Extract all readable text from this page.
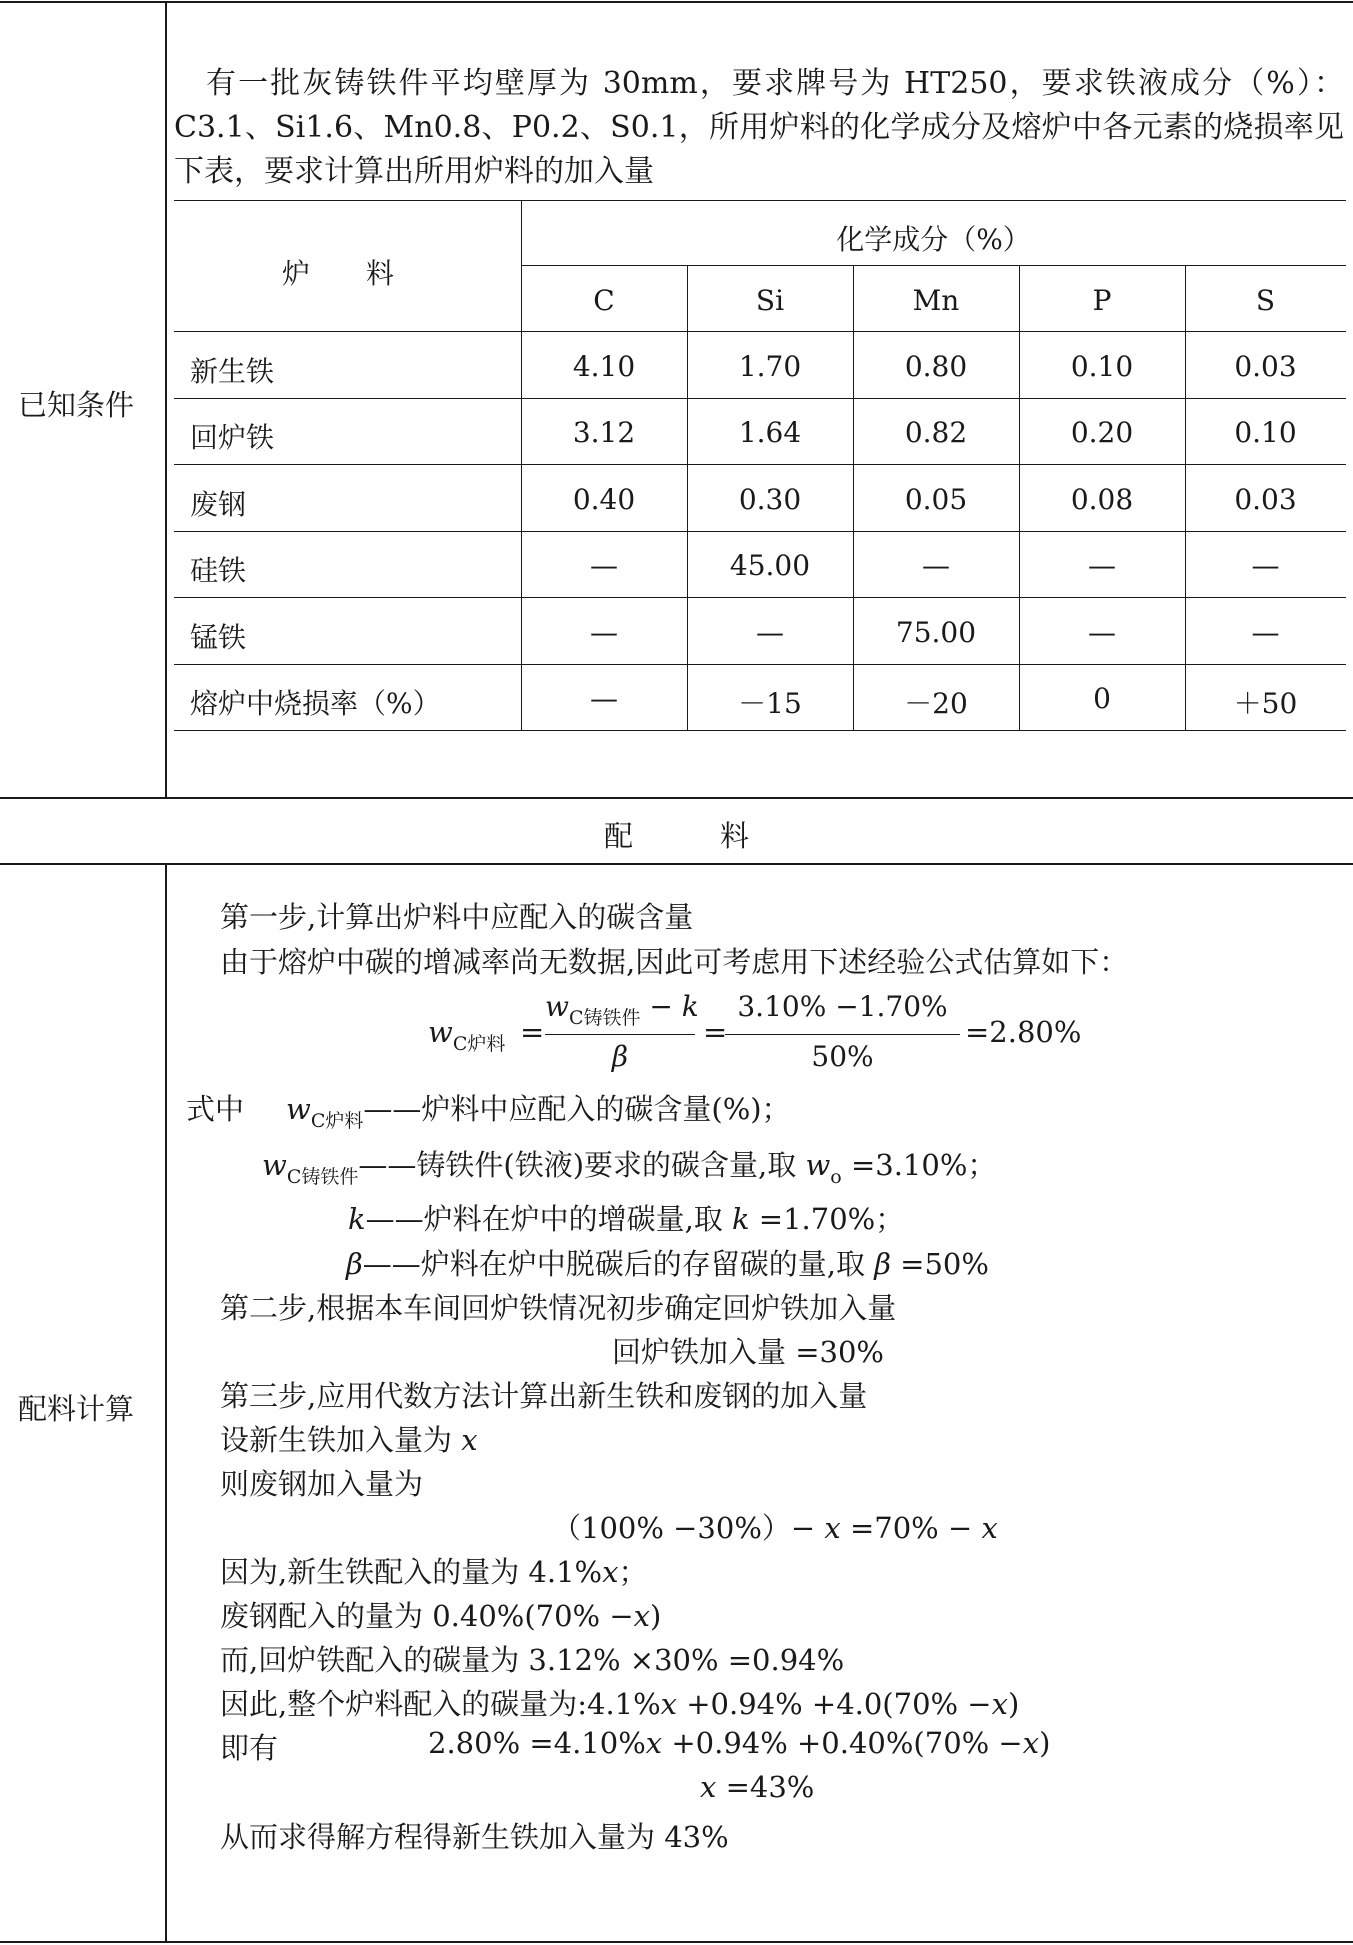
已知条件
有一批灰铸铁件平均壁厚为 30mm，要求牌号为 HT250，要求铁液成分（%）：C3.1、Si1.6、Mn0.8、P0.2、S0.1，所用炉料的化学成分及熔炉中各元素的烧损率见下表，要求计算出所用炉料的加入量
炉　　料
化学成分（%）
C	Si	Mn	P	S
新生铁	4.10	1.70	0.80	0.10	0.03
回炉铁	3.12	1.64	0.82	0.20	0.10
废钢	0.40	0.30	0.05	0.08	0.03
硅铁	—	45.00	—	—	—
锰铁	—	—	75.00	—	—
熔炉中烧损率（%）	—	－15	－20	0	＋50
配　　　料
配料计算
第一步,计算出炉料中应配入的碳含量
由于熔炉中碳的增减率尚无数据,因此可考虑用下述经验公式估算如下：
$w_{C炉料}$ =
$w_{C铸铁件} - k$
β
=
3.10% −1.70%
50%
=2.80%
式中 $w_{C炉料}——$炉料中应配入的碳含量(%)；
$w_{C铸铁件}——$铸铁件(铁液)要求的碳含量,取 $w_o =3.10\%$；
k——炉料在炉中的增碳量,取 k =1.70%；
β——炉料在炉中脱碳后的存留碳的量,取 β =50%
第二步,根据本车间回炉铁情况初步确定回炉铁加入量
回炉铁加入量 =30%
第三步,应用代数方法计算出新生铁和废钢的加入量
设新生铁加入量为 x
则废钢加入量为
（100% −30%）− x =70% − x
因为,新生铁配入的量为 4.1%x；
废钢配入的量为 0.40%(70% −x)
而,回炉铁配入的碳量为 3.12% ×30% =0.94%
因此,整个炉料配入的碳量为:4.1%x +0.94% +4.0(70% −x)
即有	2.80% =4.10%x +0.94% +0.40%(70% −x)
x =43%
从而求得解方程得新生铁加入量为 43%
